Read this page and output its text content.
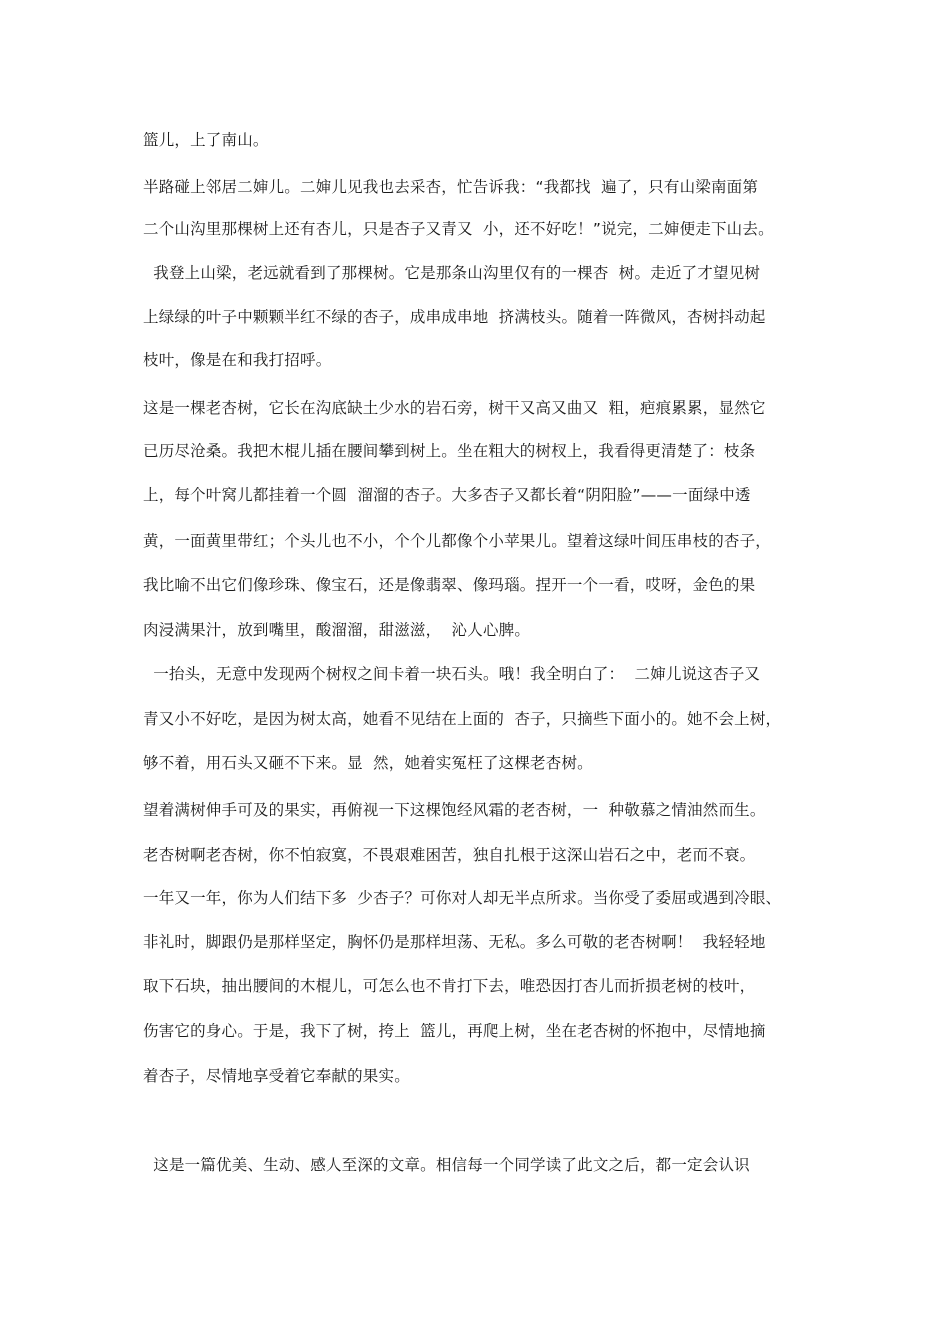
篮儿，上了南山。
半路碰上邻居二婶儿。二婶儿见我也去采杏，忙告诉我：“我都找  遍了，只有山梁南面第
二个山沟里那棵树上还有杏儿，只是杏子又青又  小，还不好吃！”说完，二婶便走下山去。
我登上山梁，老远就看到了那棵树。它是那条山沟里仅有的一棵杏  树。走近了才望见树
上绿绿的叶子中颗颗半红不绿的杏子，成串成串地  挤满枝头。随着一阵微风，杏树抖动起
枝叶，像是在和我打招呼。
这是一棵老杏树，它长在沟底缺土少水的岩石旁，树干又高又曲又  粗，疤痕累累，显然它
已历尽沧桑。我把木棍儿插在腰间攀到树上。坐在粗大的树杈上，我看得更清楚了：枝条
上，每个叶窝儿都挂着一个圆  溜溜的杏子。大多杏子又都长着“阴阳脸”——一面绿中透
黄，一面黄里带红；个头儿也不小，个个儿都像个小苹果儿。望着这绿叶间压串枝的杏子，
我比喻不出它们像珍珠、像宝石，还是像翡翠、像玛瑙。捏开一个一看，哎呀，金色的果
肉浸满果汁，放到嘴里，酸溜溜，甜滋滋，  沁人心脾。
一抬头，无意中发现两个树杈之间卡着一块石头。哦！我全明白了：  二婶儿说这杏子又
青又小不好吃，是因为树太高，她看不见结在上面的  杏子，只摘些下面小的。她不会上树，
够不着，用石头又砸不下来。显  然，她着实冤枉了这棵老杏树。
望着满树伸手可及的果实，再俯视一下这棵饱经风霜的老杏树，一  种敬慕之情油然而生。
老杏树啊老杏树，你不怕寂寞，不畏艰难困苦，独自扎根于这深山岩石之中，老而不衰。
一年又一年，你为人们结下多  少杏子？可你对人却无半点所求。当你受了委屈或遇到冷眼、
非礼时，脚跟仍是那样坚定，胸怀仍是那样坦荡、无私。多么可敬的老杏树啊！  我轻轻地
取下石块，抽出腰间的木棍儿，可怎么也不肯打下去，唯恐因打杏儿而折损老树的枝叶，
伤害它的身心。于是，我下了树，挎上  篮儿，再爬上树，坐在老杏树的怀抱中，尽情地摘
着杏子，尽情地享受着它奉献的果实。
这是一篇优美、生动、感人至深的文章。相信每一个同学读了此文之后，都一定会认识
